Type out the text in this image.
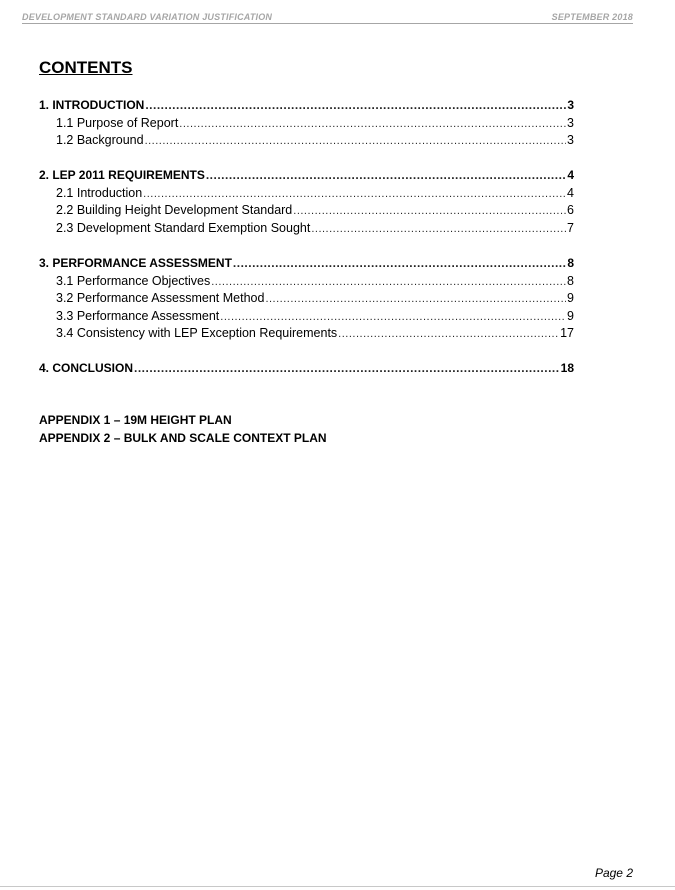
DEVELOPMENT STANDARD VARIATION JUSTIFICATION	SEPTEMBER 2018
CONTENTS
1. INTRODUCTION .....	3
1.1 Purpose of Report .....	3
1.2 Background .....	3
2. LEP 2011 REQUIREMENTS .....	4
2.1 Introduction .....	4
2.2 Building Height Development Standard .....	6
2.3 Development Standard Exemption Sought .....	7
3. PERFORMANCE ASSESSMENT .....	8
3.1 Performance Objectives .....	8
3.2 Performance Assessment Method .....	9
3.3 Performance Assessment .....	9
3.4 Consistency with LEP Exception Requirements .....	17
4. CONCLUSION .....	18
APPENDIX 1 – 19M HEIGHT PLAN
APPENDIX 2 – BULK AND SCALE CONTEXT PLAN
Page 2
